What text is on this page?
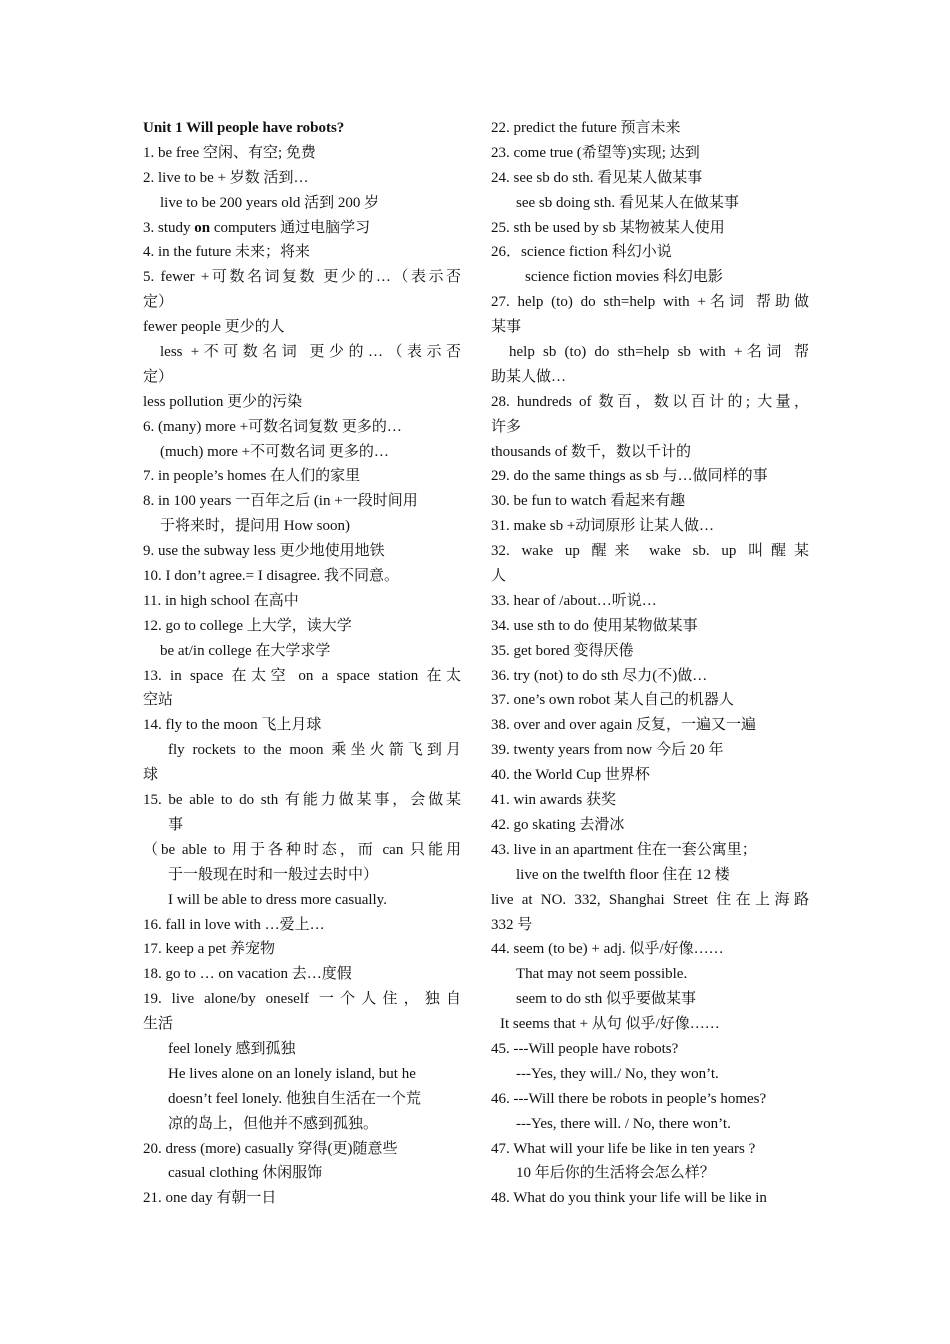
Unit 1 Will people have robots?
1. be free 空闲、有空; 免费
2. live to be + 岁数 活到…
live to be 200 years old 活到 200 岁
3. study on computers 通过电脑学习
4. in the future 未来；将来
5. fewer +可数名词复数 更少的…（表示否
定）
fewer people 更少的人
less +不可数名词 更少的…（表示否
定）
less pollution 更少的污染
6. (many) more +可数名词复数 更多的…
(much) more +不可数名词 更多的…
7. in people’s homes 在人们的家里
8. in 100 years 一百年之后 (in +一段时间用
于将来时，提问用 How soon)
9. use the subway less 更少地使用地铁
10. I don’t agree.= I disagree. 我不同意。
11. in high school 在高中
12. go to college 上大学，读大学
be at/in college 在大学求学
13. in space 在太空 on a space station 在太
空站
14. fly to the moon 飞上月球
fly rockets to the moon 乘坐火箭飞到月
球
15. be able to do sth 有能力做某事，会做某
事
（be able to 用于各种时态，而 can 只能用
于一般现在时和一般过去时中）
I will be able to dress more casually.
16. fall in love with …爱上…
17. keep a pet 养宠物
18. go to … on vacation 去…度假
19. live alone/by oneself 一个人住，独自
生活
feel lonely 感到孤独
He lives alone on an lonely island, but he
doesn’t feel lonely. 他独自生活在一个荒
凉的岛上，但他并不感到孤独。
20. dress (more) casually 穿得(更)随意些
casual clothing 休闲服饰
21. one day 有朝一日
22. predict the future 预言未来
23. come true (希望等)实现; 达到
24. see sb do sth. 看见某人做某事
see sb doing sth. 看见某人在做某事
25. sth be used by sb 某物被某人使用
26．science fiction 科幻小说
science fiction movies 科幻电影
27. help (to) do sth=help with +名词 帮助做
某事
help sb (to) do sth=help sb with +名词 帮
助某人做…
28. hundreds of 数百，数以百计的; 大量，
许多
thousands of 数千，数以千计的
29. do the same things as sb 与…做同样的事
30. be fun to watch 看起来有趣
31. make sb +动词原形 让某人做…
32. wake up 醒来 wake sb. up 叫醒某
人
33. hear of /about…听说…
34. use sth to do 使用某物做某事
35. get bored 变得厌倦
36. try (not) to do sth 尽力(不)做…
37. one’s own robot 某人自己的机器人
38. over and over again 反复，一遍又一遍
39. twenty years from now 今后 20 年
40. the World Cup 世界杯
41. win awards 获奖
42. go skating 去滑冰
43. live in an apartment 住在一套公寓里；
live on the twelfth floor 住在 12 楼
live at NO. 332, Shanghai Street 住在上海路
332 号
44. seem (to be) + adj. 似乎/好像……
That may not seem possible.
seem to do sth 似乎要做某事
It seems that + 从句 似乎/好像……
45. ---Will people have robots?
---Yes, they will./ No, they won’t.
46. ---Will there be robots in people’s homes?
---Yes, there will. / No, there won’t.
47. What will your life be like in ten years ?
10 年后你的生活将会怎么样？
48. What do you think your life will be like in
